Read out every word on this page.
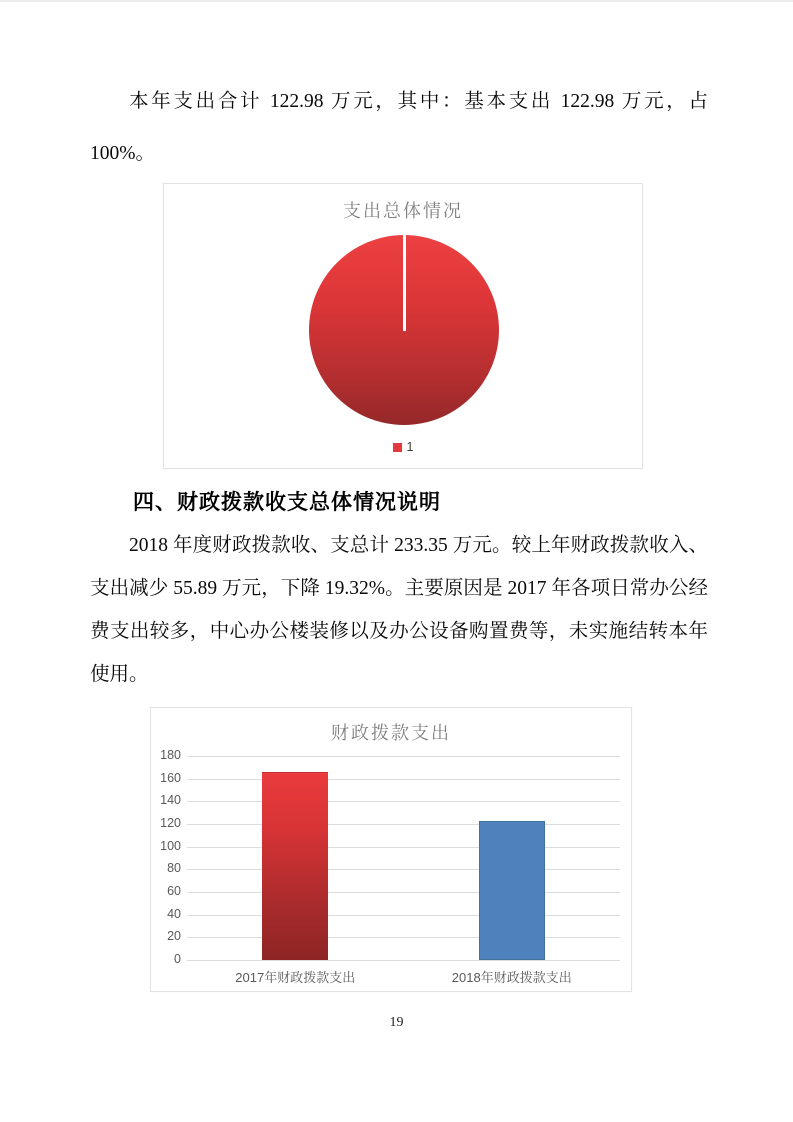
本年支出合计 122.98 万元，其中：基本支出 122.98 万元，占 100%。

支出总体情况
1
四、财政拨款收支总体情况说明

2018 年度财政拨款收、支总计 233.35 万元。较上年财政拨款收入、支出减少 55.89 万元，下降 19.32%。主要原因是 2017 年各项日常办公经费支出较多，中心办公楼装修以及办公设备购置费等，未实施结转本年使用。

财政拨款支出
2017年财政拨款支出	2018年财政拨款支出
0
20
40
60
80
100
120
140
160
180
19
